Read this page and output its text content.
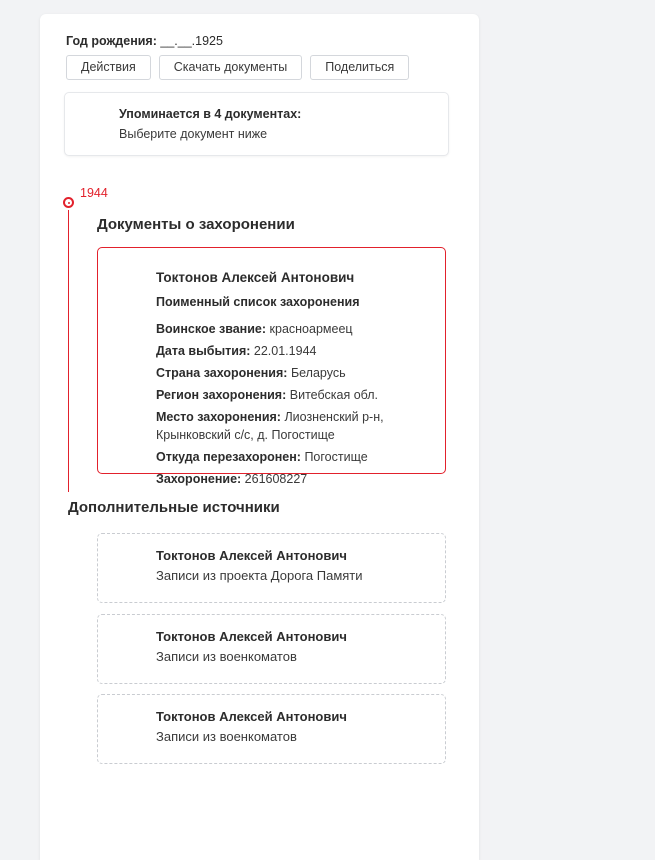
Год рождения: __.__.1925
Действия	Скачать документы	Поделиться
Упоминается в 4 документах:
Выберите документ ниже
1944
Документы о захоронении
Токтонов Алексей Антонович
Поименный список захоронения
Воинское звание: красноармеец
Дата выбытия: 22.01.1944
Страна захоронения: Беларусь
Регион захоронения: Витебская обл.
Место захоронения: Лиозненский р-н, Крынковский с/с, д. Погостище
Откуда перезахоронен: Погостище
Захоронение: 261608227
Дополнительные источники
Токтонов Алексей Антонович
Записи из проекта Дорога Памяти
Токтонов Алексей Антонович
Записи из военкоматов
Токтонов Алексей Антонович
Записи из военкоматов
